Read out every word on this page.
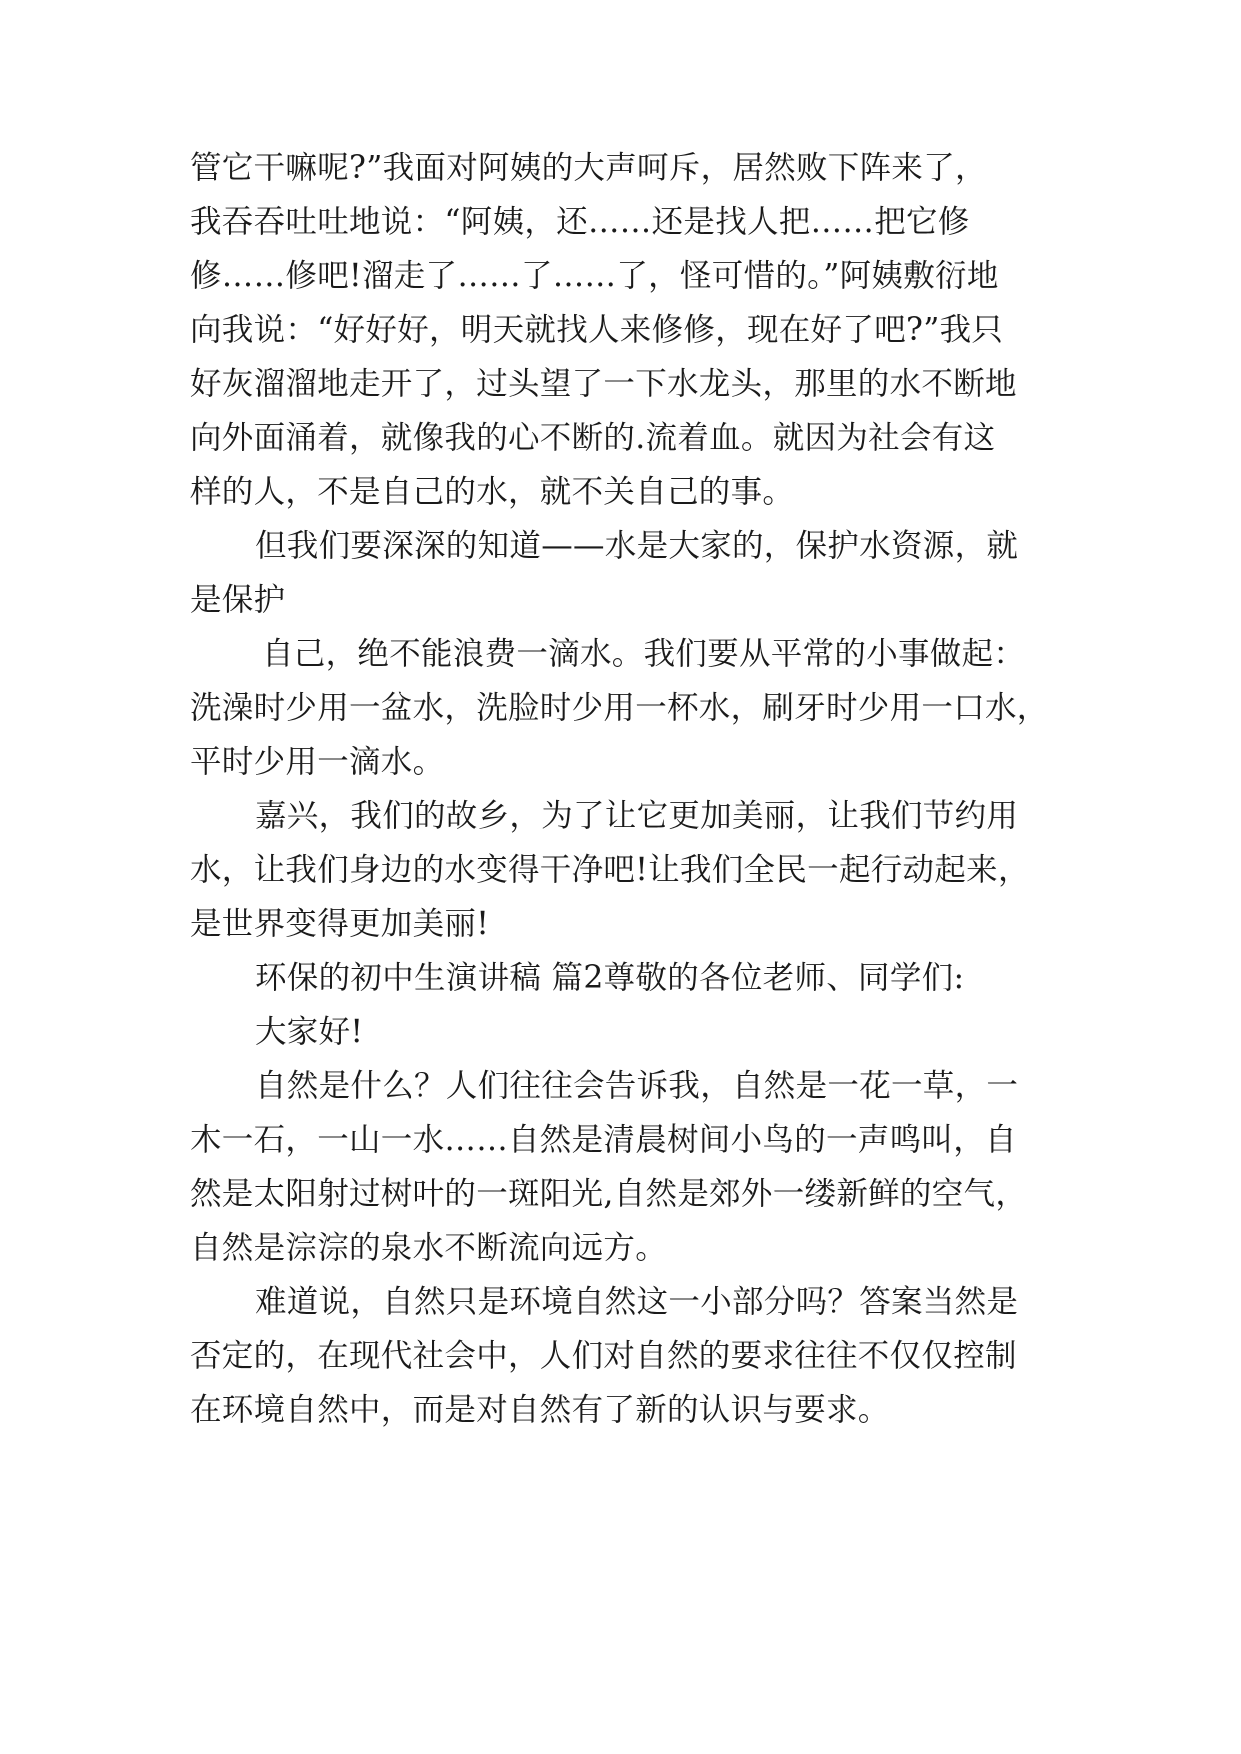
管它干嘛呢?”我面对阿姨的大声呵斥，居然败下阵来了，
我吞吞吐吐地说：“阿姨，还……还是找人把……把它修
修……修吧!溜走了……了……了，怪可惜的。”阿姨敷衍地
向我说：“好好好，明天就找人来修修，现在好了吧?”我只
好灰溜溜地走开了，过头望了一下水龙头，那里的水不断地
向外面涌着，就像我的心不断的.流着血。就因为社会有这
样的人，不是自己的水，就不关自己的事。
但我们要深深的知道——水是大家的，保护水资源，就
是保护
自己，绝不能浪费一滴水。我们要从平常的小事做起：
洗澡时少用一盆水，洗脸时少用一杯水，刷牙时少用一口水，
平时少用一滴水。
嘉兴，我们的故乡，为了让它更加美丽，让我们节约用
水，让我们身边的水变得干净吧!让我们全民一起行动起来，
是世界变得更加美丽!
环保的初中生演讲稿 篇2尊敬的各位老师、同学们:
大家好!
自然是什么？人们往往会告诉我，自然是一花一草，一
木一石，一山一水……自然是清晨树间小鸟的一声鸣叫，自
然是太阳射过树叶的一斑阳光,自然是郊外一缕新鲜的空气，
自然是淙淙的泉水不断流向远方。
难道说，自然只是环境自然这一小部分吗？答案当然是
否定的，在现代社会中，人们对自然的要求往往不仅仅控制
在环境自然中，而是对自然有了新的认识与要求。
